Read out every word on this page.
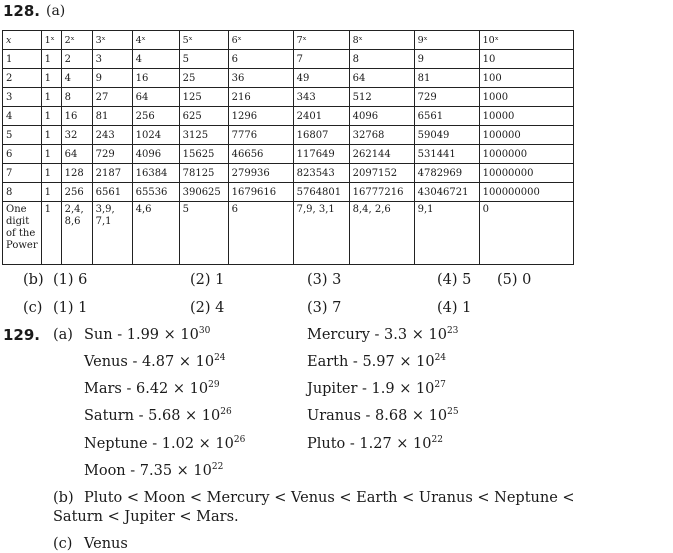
128. (a)
x	1ˣ	2ˣ	3ˣ	4ˣ	5ˣ	6ˣ	7ˣ	8ˣ	9ˣ	10ˣ
1	1	2	3	4	5	6	7	8	9	10
2	1	4	9	16	25	36	49	64	81	100
3	1	8	27	64	125	216	343	512	729	1000
4	1	16	81	256	625	1296	2401	4096	6561	10000
5	1	32	243	1024	3125	7776	16807	32768	59049	100000
6	1	64	729	4096	15625	46656	117649	262144	531441	1000000
7	1	128	2187	16384	78125	279936	823543	2097152	4782969	10000000
8	1	256	6561	65536	390625	1679616	5764801	16777216	43046721	100000000
One digit of the Power	1	2,4, 8,6	3,9, 7,1	4,6	5	6	7,9, 3,1	8,4, 2,6	9,1	0
(b) (1) 6	(2) 1	(3) 3	(4) 5 (5) 0
(c) (1) 1	(2) 4	(3) 7	(4) 1
129. (a) Sun - $1.99 \times 10^{30}$	Mercury - $3.3 \times 10^{23}$
Venus - $4.87 \times 10^{24}$	Earth - $5.97 \times 10^{24}$
Mars - $6.42 \times 10^{29}$	Jupiter - $1.9 \times 10^{27}$
Saturn - $5.68 \times 10^{26}$	Uranus - $8.68 \times 10^{25}$
Neptune - $1.02 \times 10^{26}$	Pluto - $1.27 \times 10^{22}$
Moon - $7.35 \times 10^{22}$
(b) Pluto < Moon < Mercury < Venus < Earth < Uranus < Neptune <
Saturn < Jupiter < Mars.
(c) Venus
